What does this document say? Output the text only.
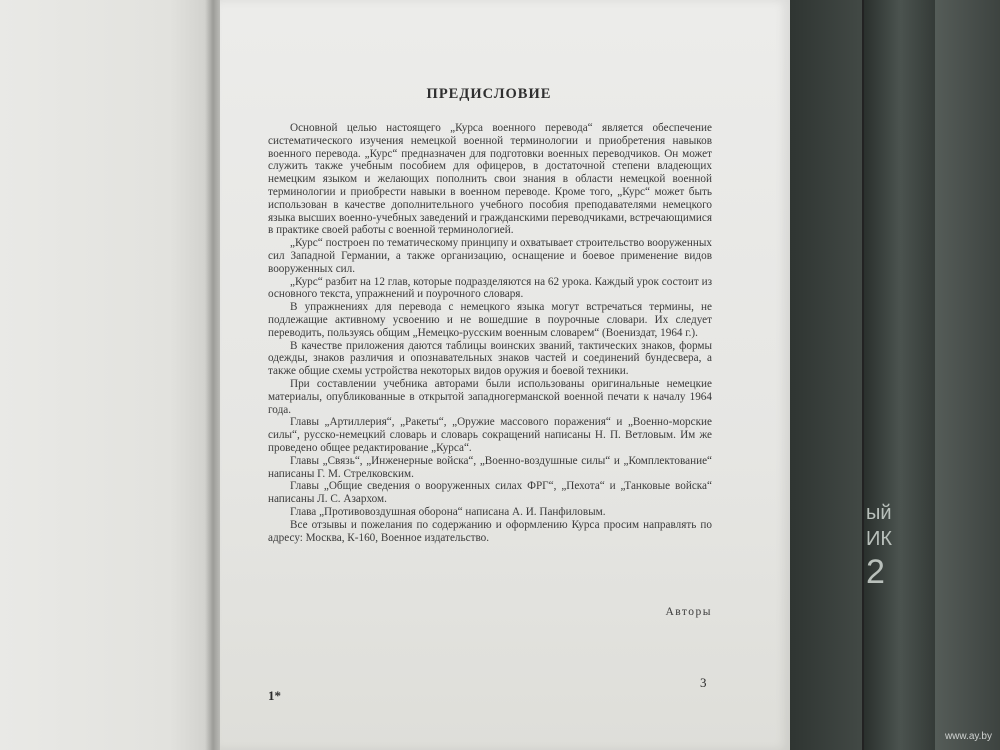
ый
ИК
2
ПРЕДИСЛОВИЕ

Основной целью настоящего „Курса военного перевода“ является обеспечение систематического изучения немецкой военной терминологии и приобретения навыков военного перевода. „Курс“ предназначен для подготовки военных переводчиков. Он может служить также учебным пособием для офицеров, в достаточной степени владеющих немецким языком и желающих пополнить свои знания в области немецкой военной терминологии и приобрести навыки в военном переводе. Кроме того, „Курс“ может быть использован в качестве дополнительного учебного пособия преподавателями немецкого языка высших военно-учебных заведений и гражданскими переводчиками, встречающимися в практике своей работы с военной терминологией.

„Курс“ построен по тематическому принципу и охватывает строительство вооруженных сил Западной Германии, а также организацию, оснащение и боевое применение видов вооруженных сил.

„Курс“ разбит на 12 глав, которые подразделяются на 62 урока. Каждый урок состоит из основного текста, упражнений и поурочного словаря.

В упражнениях для перевода с немецкого языка могут встречаться термины, не подлежащие активному усвоению и не вошедшие в поурочные словари. Их следует переводить, пользуясь общим „Немецко-русским военным словарем“ (Воениздат, 1964 г.).

В качестве приложения даются таблицы воинских званий, тактических знаков, формы одежды, знаков различия и опознавательных знаков частей и соединений бундесвера, а также общие схемы устройства некоторых видов оружия и боевой техники.

При составлении учебника авторами были использованы оригинальные немецкие материалы, опубликованные в открытой западногерманской военной печати к началу 1964 года.

Главы „Артиллерия“, „Ракеты“, „Оружие массового поражения“ и „Военно-морские силы“, русско-немецкий словарь и словарь сокращений написаны Н. П. Ветловым. Им же проведено общее редактирование „Курса“.

Главы „Связь“, „Инженерные войска“, „Военно-воздушные силы“ и „Комплектование“ написаны Г. М. Стрелковским.

Главы „Общие сведения о вооруженных силах ФРГ“, „Пехота“ и „Танковые войска“ написаны Л. С. Азархом.

Глава „Противовоздушная оборона“ написана А. И. Панфиловым.

Все отзывы и пожелания по содержанию и оформлению Курса просим направлять по адресу: Москва, К-160, Военное издательство.

Авторы
3
1*
www.ay.by
